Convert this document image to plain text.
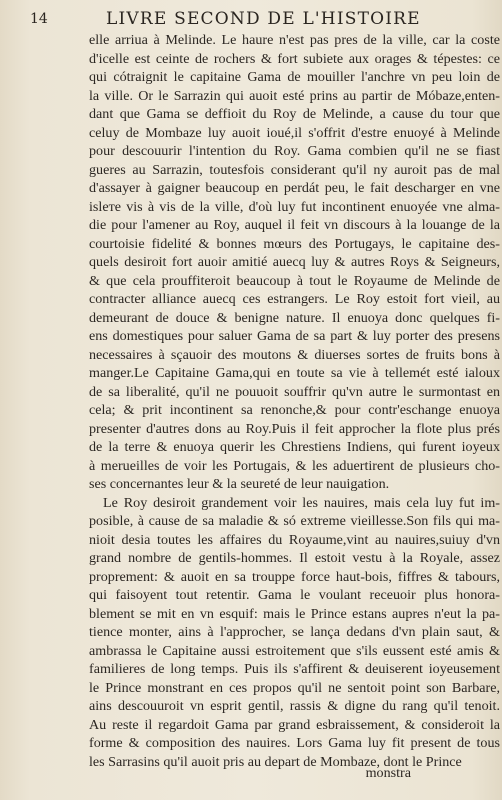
14	LIVRE SECOND DE L'HISTOIRE
elle arriua à Melinde. Le haure n'est pas pres de la ville, car la coste
d'icelle est ceinte de rochers & fort subiete aux orages & tépestes: ce
qui cótraignit le capitaine Gama de mouiller l'anchre vn peu loin de
la ville. Or le Sarrazin qui auoit esté prins au partir de Móbaze,enten-
dant que Gama se deffioit du Roy de Melinde, a cause du tour que
celuy de Mombaze luy auoit ioué,il s'offrit d'estre enuoyé à Melinde
pour descouurir l'intention du Roy. Gama combien qu'il ne se fiast
gueres au Sarrazin, toutesfois considerant qu'il ny auroit pas de mal
d'assayer à gaigner beaucoup en perdát peu, le fait descharger en vne
isleте vis à vis de la ville, d'où luy fut incontinent enuoyée vne alma-
die pour l'amener au Roy, auquel il feit vn discours à la louange de la
courtoisie fidelité & bonnes mœurs des Portugays, le capitaine des-
quels desiroit fort auoir amitié auecq luy & autres Roys & Seigneurs,
& que cela prouffiteroit beaucoup à tout le Royaume de Melinde de
contracter alliance auecq ces estrangers. Le Roy estoit fort vieil, au
demeurant de douce & benigne nature. Il enuoya donc quelques fi-
ens domestiques pour saluer Gama de sa part & luy porter des presens
necessaires à sçauoir des moutons & diuerses sortes de fruits bons à
manger.Le Capitaine Gama,qui en toute sa vie à tellemét esté ialoux
de sa liberalité, qu'il ne pouuoit souffrir qu'vn autre le surmontast en
cela; & prit incontinent sa renonche,& pour contr'eschange enuoya
presenter d'autres dons au Roy.Puis il feit approcher la flote plus prés
de la terre & enuoya querir les Chrestiens Indiens, qui furent ioyeux
à merueilles de voir les Portugais, & les aduertirent de plusieurs cho-
ses concernantes leur & la seureté de leur nauigation.
Le Roy desiroit grandement voir les nauires, mais cela luy fut im-
posible, à cause de sa maladie & só extreme vieillesse.Son fils qui ma-
nioit desia toutes les affaires du Royaume,vint au nauires,suiuy d'vn
grand nombre de gentils-hommes. Il estoit vestu à la Royale, assez
proprement: & auoit en sa trouppe force haut-bois, fiffres & tabours,
qui faisoyent tout retentir. Gama le voulant receuoir plus honora-
blement se mit en vn esquif: mais le Prince estans aupres n'eut la pa-
tience monter, ains à l'approcher, se lança dedans d'vn plain saut, &
ambrassa le Capitaine aussi estroitement que s'ils eussent esté amis &
familieres de long temps. Puis ils s'affirent & deuiserent ioyeusement
le Prince monstrant en ces propos qu'il ne sentoit point son Barbare,
ains descouuroit vn esprit gentil, rassis & digne du rang qu'il tenoit.
Au reste il regardoit Gama par grand esbraissement, & consideroit la
forme & composition des nauires. Lors Gama luy fit present de tous
les Sarrasins qu'il auoit pris au depart de Mombaze, dont le Prince
monstra
